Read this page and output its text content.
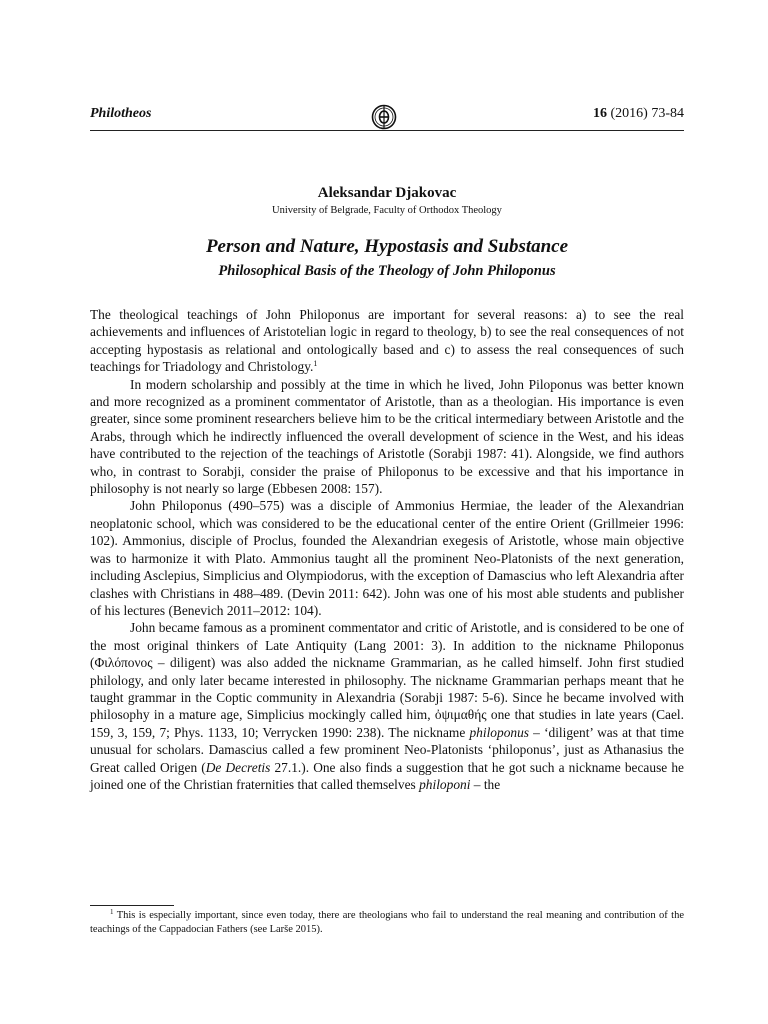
Philotheos	16 (2016) 73-84
Aleksandar Djakovac
University of Belgrade, Faculty of Orthodox Theology
Person and Nature, Hypostasis and Substance
Philosophical Basis of the Theology of John Philoponus

The theological teachings of John Philoponus are important for several reasons: a) to see the real achievements and influences of Aristotelian logic in regard to theology, b) to see the real consequences of not accepting hypostasis as relational and ontologically based and c) to assess the real consequences of such teachings for Triadology and Christology.$^1$

In modern scholarship and possibly at the time in which he lived, John Piloponus was better known and more recognized as a prominent commentator of Aristotle, than as a theologian. His importance is even greater, since some prominent researchers believe him to be the critical intermediary between Aristotle and the Arabs, through which he indirectly influenced the overall development of science in the West, and his ideas have contributed to the rejection of the teachings of Aristotle (Sorabji 1987: 41). Alongside, we find authors who, in contrast to Sorabji, consider the praise of Philoponus to be excessive and that his importance in philosophy is not nearly so large (Ebbesen 2008: 157).

John Philoponus (490–575) was a disciple of Ammonius Hermiae, the leader of the Alexandrian neoplatonic school, which was considered to be the educational center of the entire Orient (Grillmeier 1996: 102). Ammonius, disciple of Proclus, founded the Alexandrian exegesis of Aristotle, whose main objective was to harmonize it with Plato. Ammonius taught all the prominent Neo-Platonists of the next generation, including Asclepius, Simplicius and Olympiodorus, with the exception of Damascius who left Alexandria after clashes with Christians in 488–489. (Devin 2011: 642). John was one of his most able students and publisher of his lectures (Benevich 2011–2012: 104).

John became famous as a prominent commentator and critic of Aristotle, and is considered to be one of the most original thinkers of Late Antiquity (Lang 2001: 3). In addition to the nickname Philoponus (Φιλόπονος – diligent) was also added the nickname Grammarian, as he called himself. John first studied philology, and only later became interested in philosophy. The nickname Grammarian perhaps meant that he taught grammar in the Coptic community in Alexandria (Sorabji 1987: 5-6). Since he became involved with philosophy in a mature age, Simplicius mockingly called him, ὀψιμαθής one that studies in late years (Cael. 159, 3, 159, 7; Phys. 1133, 10; Verrycken 1990: 238). The nickname philoponus – ‘diligent’ was at that time unusual for scholars. Damascius called a few prominent Neo-Platonists ‘philoponus’, just as Athanasius the Great called Origen (De Decretis 27.1.). One also finds a suggestion that he got such a nickname because he joined one of the Christian fraternities that called themselves philoponi – the

$^1$ This is especially important, since even today, there are theologians who fail to understand the real meaning and contribution of the teachings of the Cappadocian Fathers (see Larše 2015).
